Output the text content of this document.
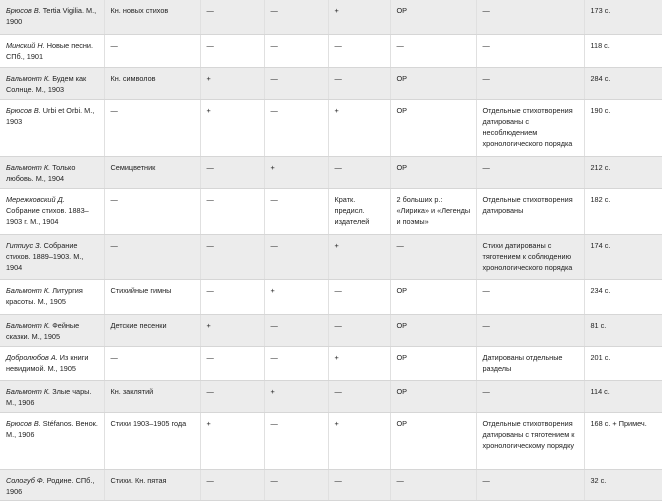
Брюсов В. Tertia Vigilia. М., 1900	Кн. новых стихов	—	—	+	ОР	—	173 с.
Минский Н. Новые песни. СПб., 1901	—	—	—	—	—	—	118 с.
Бальмонт К. Будем как Солнце. М., 1903	Кн. символов	+	—	—	ОР	—	284 с.
Брюсов В. Urbi et Orbi. М., 1903	—	+	—	+	ОР	Отдельные стихотворения датированы с несоблюдением хронологического порядка	190 с.
Бальмонт К. Только любовь. М., 1904	Семицветник	—	+	—	ОР	—	212 с.
Мережковский Д. Собрание стихов. 1883–1903 г. М., 1904	—	—	—	Кратк. предисл. издателей	2 больших р.: «Лирика» и «Легенды и поэмы»	Отдельные стихотворения датированы	182 с.
Гиппиус З. Собрание стихов. 1889–1903. М., 1904	—	—	—	+	—	Стихи датированы с тяготением к соблюдению хронологического порядка	174 с.
Бальмонт К. Литургия красоты. М., 1905	Стихийные гимны	—	+	—	ОР	—	234 с.
Бальмонт К. Фейные сказки. М., 1905	Детские песенки	+	—	—	ОР	—	81 с.
Добролюбов А. Из книги невидимой. М., 1905	—	—	—	+	ОР	Датированы отдельные разделы	201 с.
Бальмонт К. Злые чары. М., 1906	Кн. заклятий	—	+	—	ОР	—	114 с.
Брюсов В. Stéfanos. Венок. М., 1906	Стихи 1903–1905 года	+	—	+	ОР	Отдельные стихотворения датированы с тяготением к хронологическому порядку	168 с. + Примеч.
Сологуб Ф. Родине. СПб., 1906	Стихи. Кн. пятая	—	—	—	—	—	32 с.
